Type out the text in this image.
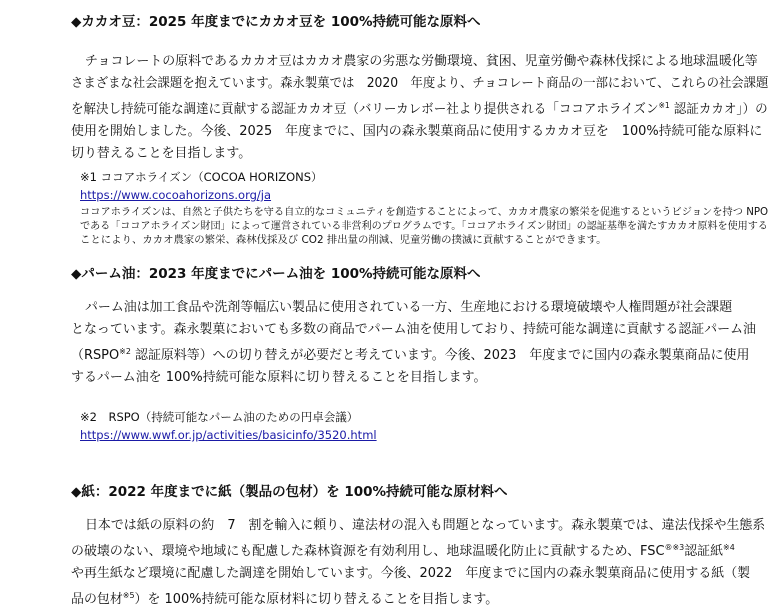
◆カカオ豆：2025 年度までにカカオ豆を 100%持続可能な原料へ
チョコレートの原料であるカカオ豆はカカオ農家の劣悪な労働環境、貧困、児童労働や森林伐採による地球温暖化等
さまざまな社会課題を抱えています。森永製菓では　2020　年度より、チョコレート商品の一部において、これらの社会課題
を解決し持続可能な調達に貢献する認証カカオ豆（バリーカレボー社より提供される「ココアホライズン$^{※1}$ 認証カカオ」）の
使用を開始しました。今後、2025　年度までに、国内の森永製菓商品に使用するカカオ豆を　100%持続可能な原料に
切り替えることを目指します。

※1 ココアホライズン（COCOA HORIZONS）

https://www.cocoahorizons.org/ja

ココアホライズンは、自然と子供たちを守る自立的なコミュニティを創造することによって、カカオ農家の繁栄を促進するというビジョンを持つ NPO

である「ココアホライズン財団」によって運営されている非営利のプログラムです。「ココアホライズン財団」の認証基準を満たすカカオ原料を使用する

ことにより、カカオ農家の繁栄、森林伐採及び CO2 排出量の削減、児童労働の撲滅に貢献することができます。

◆パーム油：2023 年度までにパーム油を 100%持続可能な原料へ
パーム油は加工食品や洗剤等幅広い製品に使用されている一方、生産地における環境破壊や人権問題が社会課題
となっています。森永製菓においても多数の商品でパーム油を使用しており、持続可能な調達に貢献する認証パーム油
（RSPO$^{※2}$ 認証原料等）への切り替えが必要だと考えています。今後、2023　年度までに国内の森永製菓商品に使用
するパーム油を 100%持続可能な原料に切り替えることを目指します。

※2　RSPO（持続可能なパーム油のための円卓会議）

https://www.wwf.or.jp/activities/basicinfo/3520.html

◆紙：2022 年度までに紙（製品の包材）を 100%持続可能な原材料へ
日本では紙の原料の約　7　割を輸入に頼り、違法材の混入も問題となっています。森永製菓では、違法伐採や生態系
の破壊のない、環境や地域にも配慮した森林資源を有効利用し、地球温暖化防止に貢献するため、$FSC^{®※3}$認証紙$^{※4}$
や再生紙など環境に配慮した調達を開始しています。今後、2022　年度までに国内の森永製菓商品に使用する紙（製
品の包材$^{※5}$）を 100%持続可能な原材料に切り替えることを目指します。
